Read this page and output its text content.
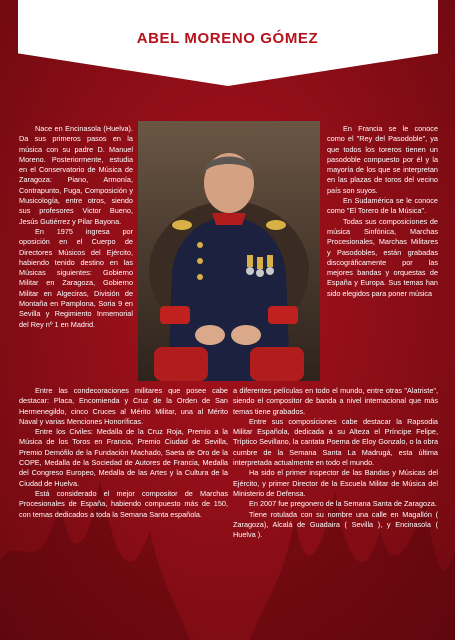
ABEL MORENO GÓMEZ

Nace en Encinasola (Huelva). Da sus primeros pasos en la música con su padre D. Manuel Moreno. Posteriormente, estudia en el Conservatorio de Música de Zaragoza: Piano, Armonía, Contrapunto, Fuga, Composición y Musicología, entre otros, siendo sus profesores Victor Bueno, Jesús Gutiérrez y Pilar Bayona.

En 1975 ingresa por oposición en el Cuerpo de Directores Músicos del Ejército, habiendo tenido destino en las Músicas siguientes: Gobierno Militar en Zaragoza, Gobierno Militar en Algeciras, División de Montaña en Pamplona, Soria 9 en Sevilla y Regimiento Inmemorial del Rey nº 1 en Madrid.

En Francia se le conoce como el "Rey del Pasodoble", ya que todos los toreros tienen un pasodoble compuesto por él y la mayoría de los que se interpretan en las plazas de toros del vecino país son suyos.

En Sudamérica se le conoce como "El Torero de la Música".

Todas sus composiciones de música Sinfónica, Marchas Procesionales, Marchas Militares y Pasodobles, están grabadas discográficamente por las mejores bandas y orquestas de España y Europa. Sus temas han sido elegidos para poner música

Entre las condecoraciones militares que posee cabe destacar: Placa, Encomienda y Cruz de la Orden de San Hermenegildo, cinco Cruces al Mérito Militar, una al Mérito Naval y varias Menciones Honoríficas.

Entre los Civiles: Medalla de la Cruz Roja, Premio a la Música de los Toros en Francia, Premio Ciudad de Sevilla, Premio Demófilo de la Fundación Machado, Saeta de Oro de la COPE, Medalla de la Sociedad de Autores de Francia, Medalla del Congreso Europeo, Medalla de las Artes y la Cultura de la Ciudad de Huelva.

Está considerado el mejor compositor de Marchas Procesionales de España, habiendo compuesto más de 150, con temas dedicados a toda la Semana Santa española.

a diferentes películas en todo el mundo, entre otras "Alatriste", siendo el compositor de banda a nivel internacional que más temas tiene grabados.

Entre sus composiciones cabe destacar la Rapsodia Militar Española, dedicada a su Alteza el Príncipe Felipe, Tríptico Sevillano, la cantata Poema de Eloy Gonzalo, o la obra cumbre de la Semana Santa La Madrugá, esta última interpretada actualmente en todo el mundo.

Ha sido el primer inspector de las Bandas y Músicas del Ejército, y primer Director de la Escuela Militar de Música del Ministerio de Defensa.

En 2007 fue pregonero de la Semana Santa de Zaragoza.

Tiene rotulada con su nombre una calle en Magallón ( Zaragoza), Alcalá de Guadaira ( Sevilla ), y Encinasola ( Huelva ).
